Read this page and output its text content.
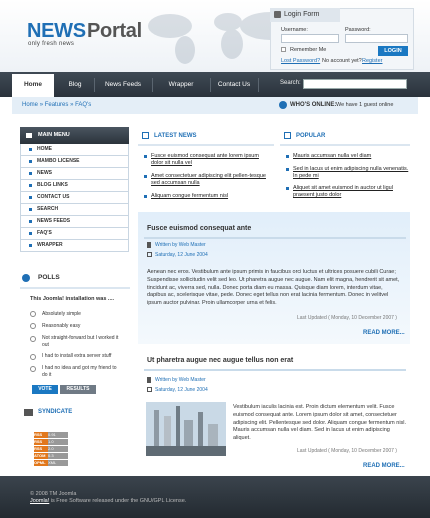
NEWS Portal
only fresh news
Login Form
Username:	Password:
Remember Me	LOGIN
Lost Password? No account yet? Register
Home	Blog	News Feeds	Wrapper	Contact Us	Search:
Home » Features » FAQ's	WHO'S ONLINE: We have 1 guest online
MAIN MENU
HOME
MAMBO LICENSE
NEWS
BLOG LINKS
CONTACT US
SEARCH
NEWS FEEDS
FAQ'S
WRAPPER
POLLS
This Joomla! installation was ....
Absolutely simple
Reasonably easy
Not straight-forward but I worked it out
I had to install extra server stuff
I had no idea and got my friend to do it
VOTE	RESULTS
SYNDICATE
RSS 0.91
RSS 1.0
RSS 2.0
ATOM 0.3
OPML XML
LATEST NEWS
Fusce euismod consequat ante lorem ipsum dolor sit nulla vel
Amet consectetuer adipiscing elit pellen-tesque sed accumsan nulla
Aliquam congue fermentum nisl
POPULAR
Mauris accumsan nulla vel diam
Sed in lacus ut enim adipiscing nulla venenatis. In pede mi
Aliquet sit amet euismod in auctor ut ligul praesent justo dolor
Fusce euismod consequat ante
Written by Web Master
Saturday, 12 June 2004
Aenean nec eros. Vestibulum ante ipsum primis in faucibus orci luctus et ultrices posuere cubili Curae; Suspendisse sollicitudin velit sed leo. Ut pharetra augue nec augue. Nam elit magna, hendrerit sit amet, tincidunt ac, viverra sed, nulla. Donec porta diam eu massa. Quisque diam lorem, interdum vitae, dapibus ac, scelerisque vitae, pede. Donec eget tellus non erat lacinia fermentum. Donec in velitvel ipsum auctor pulvinar. Proin ullamcorper urna et felis.
Last Updated ( Monday, 10 December 2007 )
READ MORE...
Ut pharetra augue nec augue tellus non erat
Written by Web Master
Saturday, 12 June 2004
Vestibulum iaculis lacinia est. Proin dictum elementum velit. Fusce euismod consequat ante. Lorem ipsum dolor sit amet, consectetuer adipiscing elit. Pellentesque sed dolor. Aliquam congue fermentum nisl. Mauris accumsan nulla vel diam. Sed in lacus ut enim adipiscing aliquet.
Last Updated ( Monday, 10 December 2007 )
READ MORE...
© 2008 TM Joomla
Joomla! is Free Software released under the GNU/GPL License.
